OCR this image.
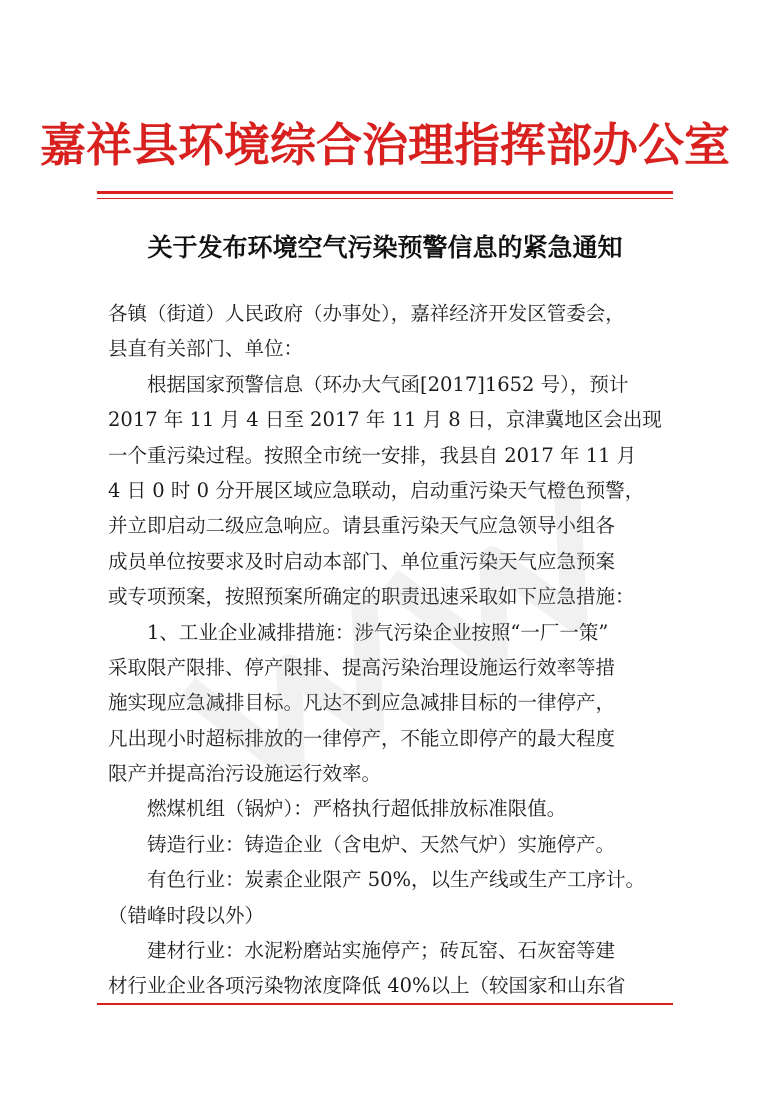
嘉祥县环境综合治理指挥部办公室
关于发布环境空气污染预警信息的紧急通知
各镇（街道）人民政府（办事处），嘉祥经济开发区管委会，
县直有关部门、单位：
根据国家预警信息（环办大气函[2017]1652 号），预计
2017 年 11 月 4 日至 2017 年 11 月 8 日，京津冀地区会出现
一个重污染过程。按照全市统一安排，我县自 2017 年 11 月
4 日 0 时 0 分开展区域应急联动，启动重污染天气橙色预警，
并立即启动二级应急响应。请县重污染天气应急领导小组各
成员单位按要求及时启动本部门、单位重污染天气应急预案
或专项预案，按照预案所确定的职责迅速采取如下应急措施：
1、工业企业减排措施：涉气污染企业按照“一厂一策”
采取限产限排、停产限排、提高污染治理设施运行效率等措
施实现应急减排目标。凡达不到应急减排目标的一律停产，
凡出现小时超标排放的一律停产，不能立即停产的最大程度
限产并提高治污设施运行效率。
燃煤机组（锅炉）：严格执行超低排放标准限值。
铸造行业：铸造企业（含电炉、天然气炉）实施停产。
有色行业：炭素企业限产 50%，以生产线或生产工序计。
（错峰时段以外）
建材行业：水泥粉磨站实施停产；砖瓦窑、石灰窑等建
材行业企业各项污染物浓度降低 40%以上（较国家和山东省
